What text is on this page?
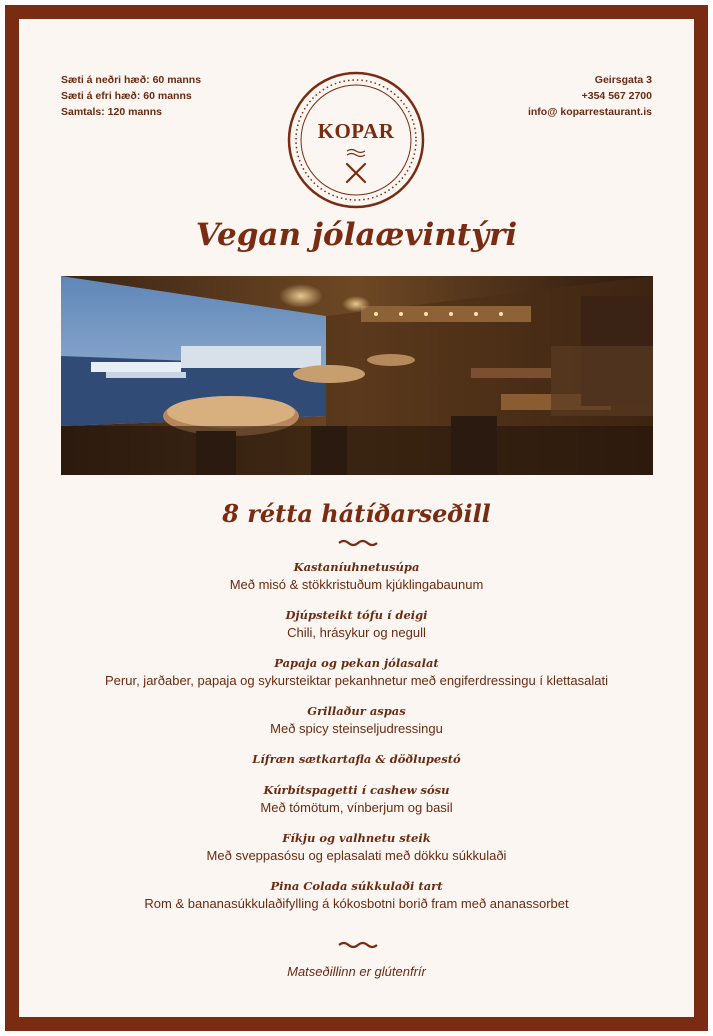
Sæti á neðri hæð: 60 manns
Sæti á efri hæð: 60 manns
Samtals: 120 manns
Geirsgata 3
+354 567 2700
info@ koparrestaurant.is
KOPAR
Vegan jólaævintýri
8 rétta hátíðarseðill
Kastaníuhnetusúpa
Með misó & stökkristuðum kjúklingabaunum
Djúpsteikt tófu í deigi
Chili, hrásykur og negull
Papaja og pekan jólasalat
Perur, jarðaber, papaja og sykursteiktar pekanhnetur með engiferdressingu í klettasalati
Grillaður aspas
Með spicy steinseljudressingu
Lífræn sætkartafla & döðlupestó
Kúrbítspagetti í cashew sósu
Með tómötum, vínberjum og basil
Fíkju og valhnetu steik
Með sveppasósu og eplasalati með dökku súkkulaði
Pina Colada súkkulaði tart
Rom & bananasúkkulaðifylling á kókosbotni borið fram með ananassorbet
Matseðillinn er glútenfrír
